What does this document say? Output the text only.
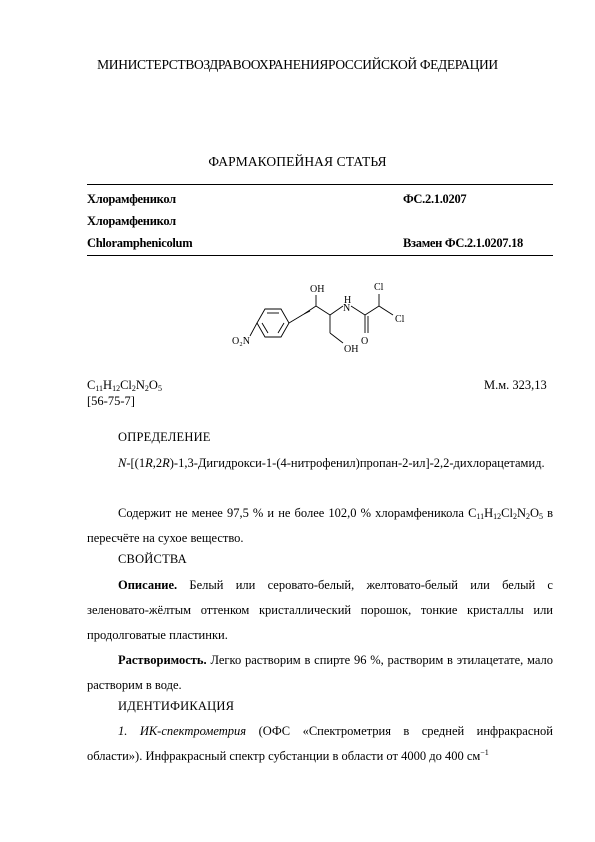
МИНИСТЕРСТВОЗДРАВООХРАНЕНИЯРОССИЙСКОЙ ФЕДЕРАЦИИ
ФАРМАКОПЕЙНАЯ СТАТЬЯ
Хлорамфеникол	ФС.2.1.0207
Хлорамфеникол
Chloramphenicolum	Взамен ФС.2.1.0207.18
OH
H
N
Cl
Cl
O
O₂N
OH
$C_{11}H_{12}Cl_2N_2O_5$	М.м. 323,13
[56-75-7]
ОПРЕДЕЛЕНИЕ
N-[(1R,2R)-1,3-Дигидрокси-1-(4-нитрофенил)пропан-2-ил]-2,2-дихлорацетамид.
Содержит не менее 97,5 % и не более 102,0 % хлорамфеникола $C_{11}H_{12}Cl_2N_2O_5$ в пересчёте на сухое вещество.
СВОЙСТВА
Описание. Белый или серовато-белый, желтовато-белый или белый с зеленовато-жёлтым оттенком кристаллический порошок, тонкие кристаллы или продолговатые пластинки.
Растворимость. Легко растворим в спирте 96 %, растворим в этилацетате, мало растворим в воде.
ИДЕНТИФИКАЦИЯ
1. ИК-спектрометрия (ОФС «Спектрометрия в средней инфракрасной области»). Инфракрасный спектр субстанции в области от 4000 до 400 $см^{-1}$
